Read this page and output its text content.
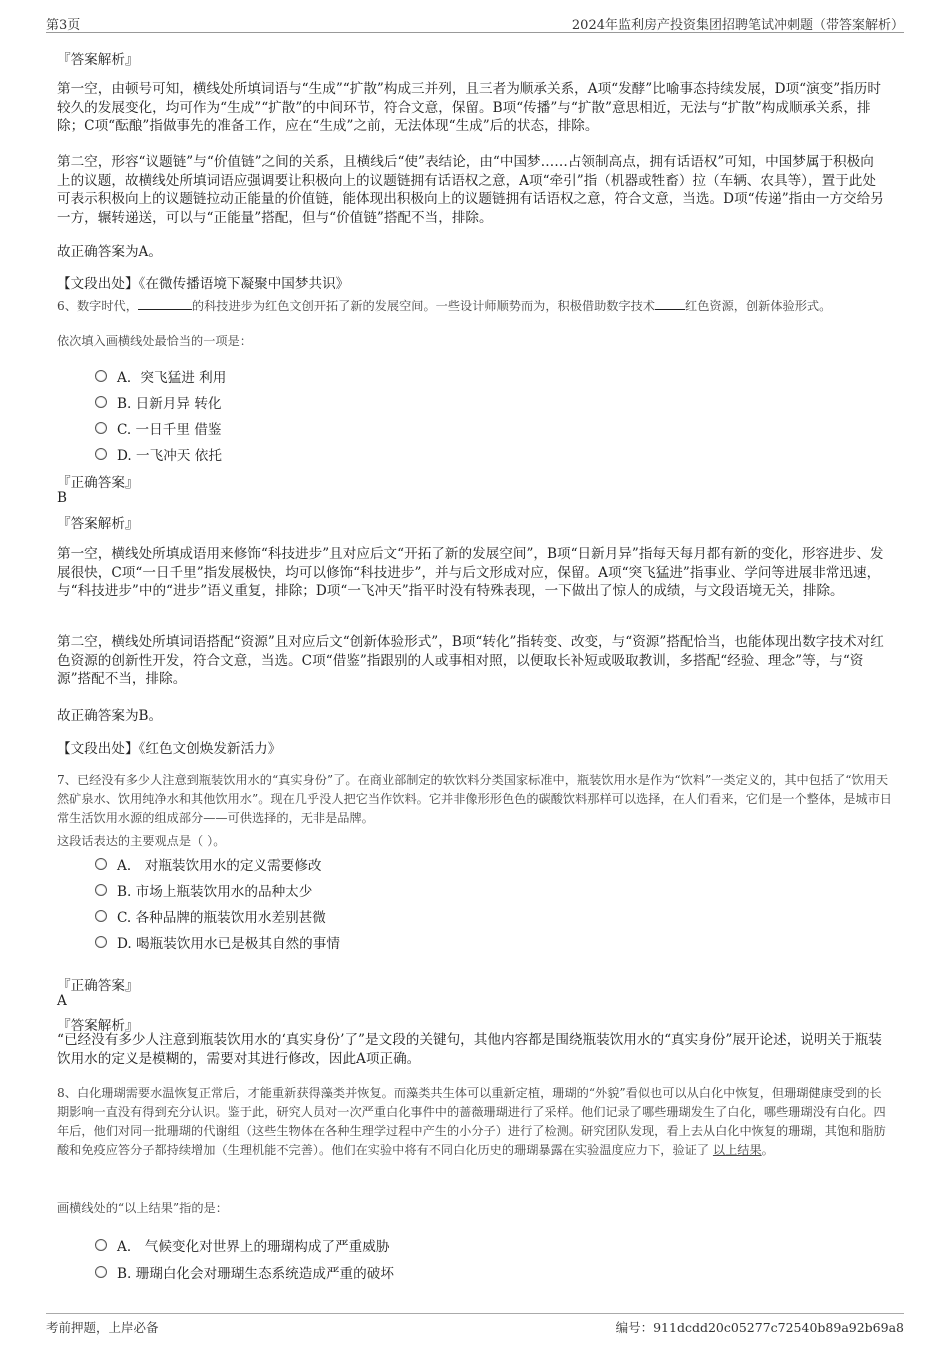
第3页	2024年监利房产投资集团招聘笔试冲刺题（带答案解析）
『答案解析』
第一空，由顿号可知，横线处所填词语与“生成”“扩散”构成三并列，且三者为顺承关系，A项“发酵”比喻事态持续发展，D项“演变”指历时较久的发展变化，均可作为“生成”“扩散”的中间环节，符合文意，保留。B项“传播”与“扩散”意思相近，无法与“扩散”构成顺承关系，排除；C项“酝酿”指做事先的准备工作，应在“生成”之前，无法体现“生成”后的状态，排除。
第二空，形容“议题链”与“价值链”之间的关系，且横线后“使”表结论，由“中国梦……占领制高点，拥有话语权”可知，中国梦属于积极向上的议题，故横线处所填词语应强调要让积极向上的议题链拥有话语权之意，A项“牵引”指（机器或牲畜）拉（车辆、农具等），置于此处可表示积极向上的议题链拉动正能量的价值链，能体现出积极向上的议题链拥有话语权之意，符合文意，当选。D项“传递”指由一方交给另一方，辗转递送，可以与“正能量”搭配，但与“价值链”搭配不当，排除。
故正确答案为A。
【文段出处】《在微传播语境下凝聚中国梦共识》
6、数字时代，	的科技进步为红色文创开拓了新的发展空间。一些设计师顺势而为，积极借助数字技术 红色资源，创新体验形式。
依次填入画横线处最恰当的一项是：
A．突飞猛进 利用
B. 日新月异 转化
C. 一日千里 借鉴
D. 一飞冲天 依托
『正确答案』
B
『答案解析』
第一空，横线处所填成语用来修饰“科技进步”且对应后文“开拓了新的发展空间”，B项“日新月异”指每天每月都有新的变化，形容进步、发展很快，C项“一日千里”指发展极快，均可以修饰“科技进步”，并与后文形成对应，保留。A项“突飞猛进”指事业、学问等进展非常迅速，与“科技进步”中的“进步”语义重复，排除；D项“一飞冲天”指平时没有特殊表现，一下做出了惊人的成绩，与文段语境无关，排除。
第二空，横线处所填词语搭配“资源”且对应后文“创新体验形式”，B项“转化”指转变、改变，与“资源”搭配恰当，也能体现出数字技术对红色资源的创新性开发，符合文意，当选。C项“借鉴”指跟别的人或事相对照，以便取长补短或吸取教训，多搭配“经验、理念”等，与“资源”搭配不当，排除。
故正确答案为B。
【文段出处】《红色文创焕发新活力》
7、已经没有多少人注意到瓶装饮用水的“真实身份”了。在商业部制定的软饮料分类国家标准中，瓶装饮用水是作为“饮料”一类定义的，其中包括了“饮用天然矿泉水、饮用纯净水和其他饮用水”。现在几乎没人把它当作饮料。它并非像形形色色的碳酸饮料那样可以选择，在人们看来，它们是一个整体，是城市日常生活饮用水源的组成部分——可供选择的，无非是品牌。
这段话表达的主要观点是（ ）。
A． 对瓶装饮用水的定义需要修改
B. 市场上瓶装饮用水的品种太少
C. 各种品牌的瓶装饮用水差别甚微
D. 喝瓶装饮用水已是极其自然的事情
『正确答案』
A
『答案解析』
“已经没有多少人注意到瓶装饮用水的‘真实身份’了”是文段的关键句，其他内容都是围绕瓶装饮用水的“真实身份”展开论述，说明关于瓶装饮用水的定义是模糊的，需要对其进行修改，因此A项正确。
8、白化珊瑚需要水温恢复正常后，才能重新获得藻类并恢复。而藻类共生体可以重新定植，珊瑚的“外貌”看似也可以从白化中恢复，但珊瑚健康受到的长期影响一直没有得到充分认识。鉴于此，研究人员对一次严重白化事件中的蔷薇珊瑚进行了采样。他们记录了哪些珊瑚发生了白化，哪些珊瑚没有白化。四年后，他们对同一批珊瑚的代谢组（这些生物体在各种生理学过程中产生的小分子）进行了检测。研究团队发现，看上去从白化中恢复的珊瑚，其饱和脂肪酸和免疫应答分子都持续增加（生理机能不完善）。他们在实验中将有不同白化历史的珊瑚暴露在实验温度应力下，验证了 以上结果。
画横线处的“以上结果”指的是：
A． 气候变化对世界上的珊瑚构成了严重威胁
B. 珊瑚白化会对珊瑚生态系统造成严重的破坏
考前押题，上岸必备	编号：911dcdd20c05277c72540b89a92b69a8
